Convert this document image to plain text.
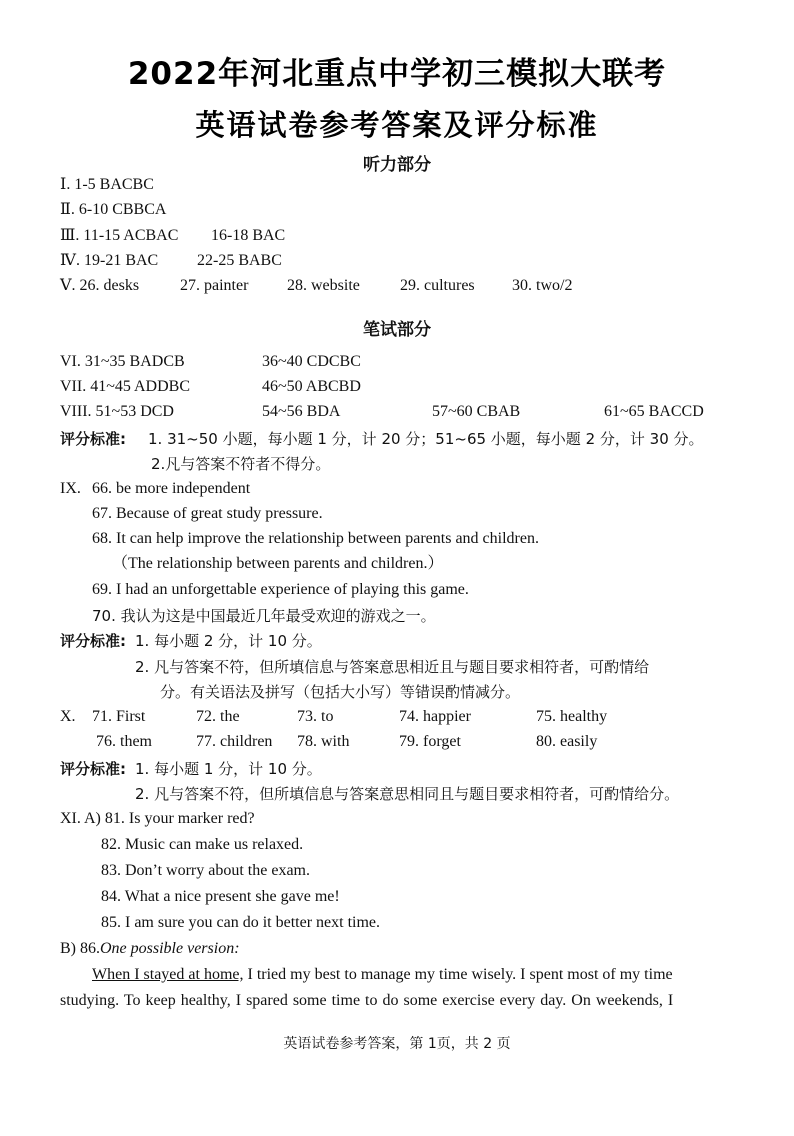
2022年河北重点中学初三模拟大联考
英语试卷参考答案及评分标准
听力部分
Ⅰ. 1-5 BACBC
Ⅱ. 6-10 CBBCA
Ⅲ. 11-15 ACBAC 16-18 BAC
Ⅳ. 19-21 BAC 22-25 BABC
Ⅴ. 26. desks	27. painter 28. website	29. cultures 30. two/2
笔试部分
VI. 31~35 BADCB	36~40 CDCBC
VII. 41~45 ADDBC	46~50 ABCBD
VIII. 51~53 DCD	54~56 BDA	57~60 CBAB	61~65 BACCD
评分标准: 1. 31~50 小题，每小题 1 分，计 20 分；51~65 小题，每小题 2 分，计 30 分。
2.凡与答案不符者不得分。
IX. 66. be more independent
67. Because of great study pressure.
68. It can help improve the relationship between parents and children.
（The relationship between parents and children.）
69. I had an unforgettable experience of playing this game.
70. 我认为这是中国最近几年最受欢迎的游戏之一。
评分标准: 1. 每小题 2 分，计 10 分。
2. 凡与答案不符，但所填信息与答案意思相近且与题目要求相符者，可酌情给
分。有关语法及拼写（包括大小写）等错误酌情减分。
X. 71. First	72. the	73. to	74. happier	75. healthy
76. them	77. children 78. with	79. forget	80. easily
评分标准: 1. 每小题 1 分，计 10 分。
2. 凡与答案不符，但所填信息与答案意思相同且与题目要求相符者，可酌情给分。
XI. A) 81. Is your marker red?
82. Music can make us relaxed.
83. Don’t worry about the exam.
84. What a nice present she gave me!
85. I am sure you can do it better next time.
B) 86.One possible version:
When I stayed at home, I tried my best to manage my time wisely. I spent most of my time
studying. To keep healthy, I spared some time to do some exercise every day. On weekends, I
英语试卷参考答案，第 1页，共 2 页
